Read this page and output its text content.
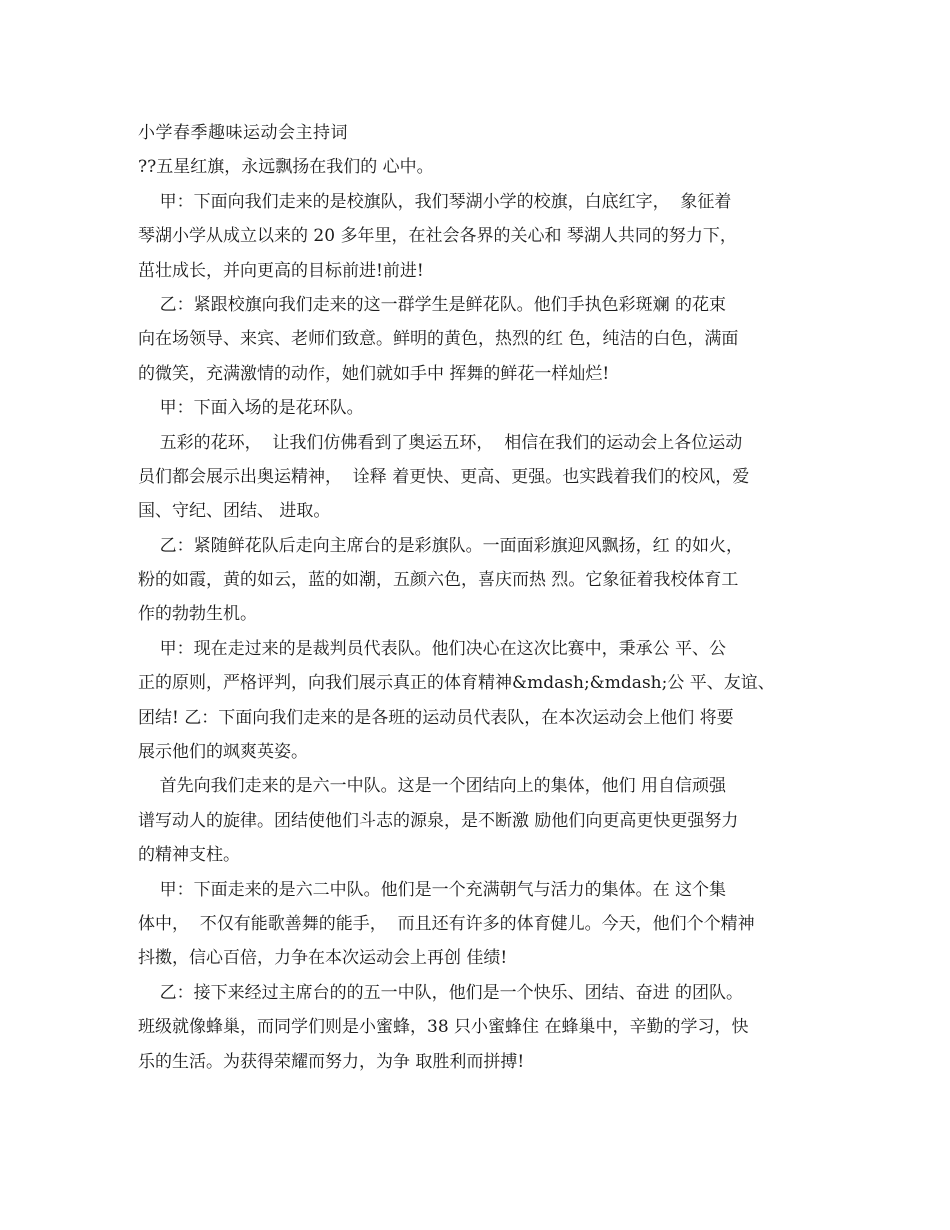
小学春季趣味运动会主持词
??五星红旗，永远飘扬在我们的 心中。
甲：下面向我们走来的是校旗队，我们琴湖小学的校旗，白底红字，  象征着
琴湖小学从成立以来的 20 多年里，在社会各界的关心和 琴湖人共同的努力下，
茁壮成长，并向更高的目标前进!前进!
乙：紧跟校旗向我们走来的这一群学生是鲜花队。他们手执色彩斑斓 的花束
向在场领导、来宾、老师们致意。鲜明的黄色，热烈的红 色，纯洁的白色，满面
的微笑，充满激情的动作，她们就如手中 挥舞的鲜花一样灿烂!
甲：下面入场的是花环队。
五彩的花环，  让我们仿佛看到了奥运五环，  相信在我们的运动会上各位运动
员们都会展示出奥运精神，  诠释 着更快、更高、更强。也实践着我们的校风，爱
国、守纪、团结、 进取。
乙：紧随鲜花队后走向主席台的是彩旗队。一面面彩旗迎风飘扬，红 的如火，
粉的如霞，黄的如云，蓝的如潮，五颜六色，喜庆而热 烈。它象征着我校体育工
作的勃勃生机。
甲：现在走过来的是裁判员代表队。他们决心在这次比赛中，秉承公 平、公
正的原则，严格评判，向我们展示真正的体育精神&mdash;&mdash;公 平、友谊、
团结! 乙：下面向我们走来的是各班的运动员代表队，在本次运动会上他们 将要
展示他们的飒爽英姿。
首先向我们走来的是六一中队。这是一个团结向上的集体，他们 用自信顽强
谱写动人的旋律。团结使他们斗志的源泉，是不断激 励他们向更高更快更强努力
的精神支柱。
甲：下面走来的是六二中队。他们是一个充满朝气与活力的集体。在 这个集
体中，  不仅有能歌善舞的能手，  而且还有许多的体育健儿。今天，他们个个精神
抖擞，信心百倍，力争在本次运动会上再创 佳绩!
乙：接下来经过主席台的的五一中队，他们是一个快乐、团结、奋进 的团队。
班级就像蜂巢，而同学们则是小蜜蜂，38 只小蜜蜂住 在蜂巢中，辛勤的学习，快
乐的生活。为获得荣耀而努力，为争 取胜利而拼搏!
